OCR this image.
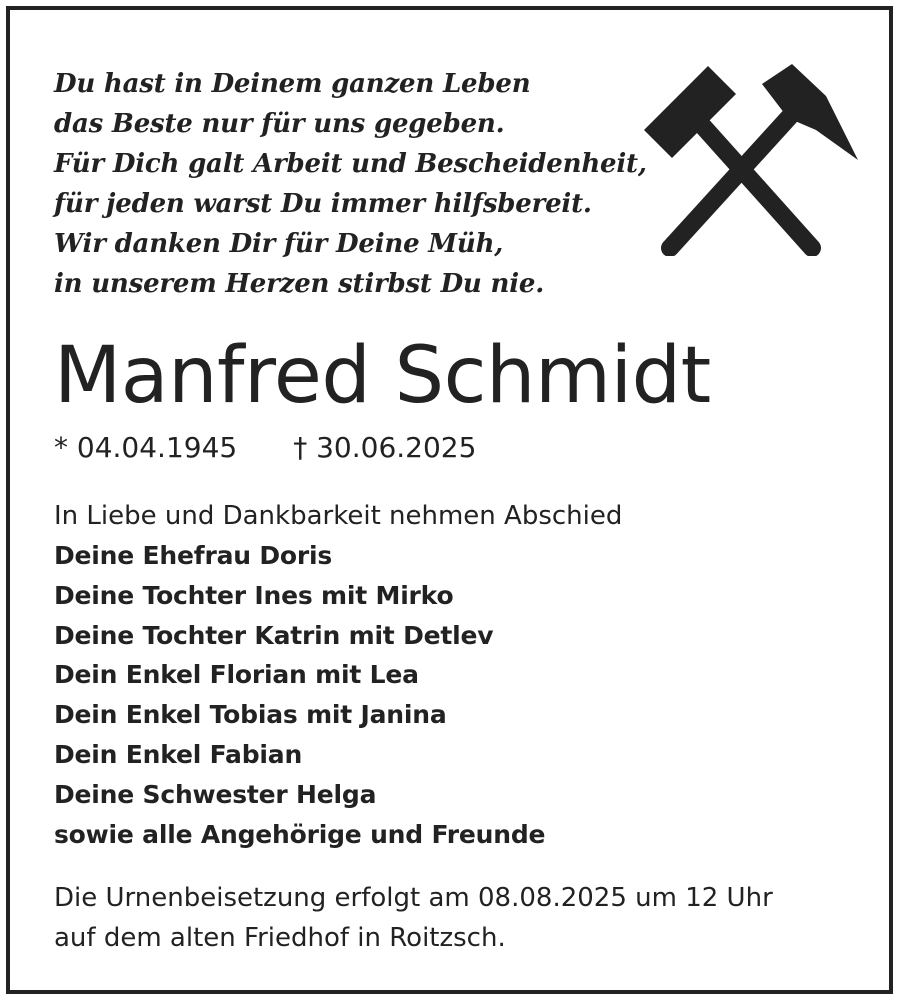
Du hast in Deinem ganzen Leben
das Beste nur für uns gegeben.
Für Dich galt Arbeit und Bescheidenheit,
für jeden warst Du immer hilfsbereit.
Wir danken Dir für Deine Müh,
in unserem Herzen stirbst Du nie.

Manfred Schmidt
* 04.04.1945 † 30.06.2025
In Liebe und Dankbarkeit nehmen Abschied
Deine Ehefrau Doris
Deine Tochter Ines mit Mirko
Deine Tochter Katrin mit Detlev
Dein Enkel Florian mit Lea
Dein Enkel Tobias mit Janina
Dein Enkel Fabian
Deine Schwester Helga
sowie alle Angehörige und Freunde
Die Urnenbeisetzung erfolgt am 08.08.2025 um 12 Uhr
auf dem alten Friedhof in Roitzsch.
